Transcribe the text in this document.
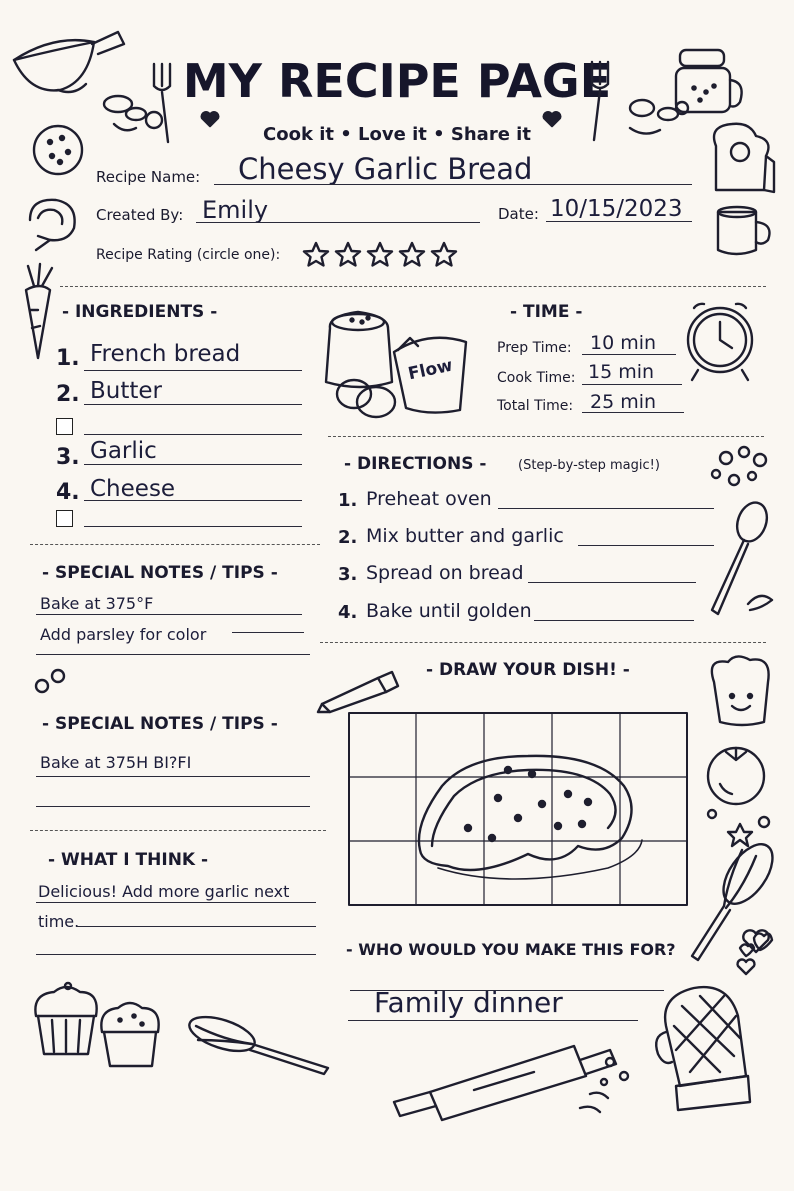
MY RECIPE PAGE
Cook it • Love it • Share it
Recipe Name: Cheesy Garlic Bread
Created By: Emily	Date: 10/15/2023
Recipe Rating (circle one):
- INGREDIENTS -
1. French bread
2. Butter
3. Garlic
4. Cheese
Flow
- TIME -
Prep Time: 10 min
Cook Time: 15 min
Total Time: 25 min
- DIRECTIONS - (Step-by-step magic!)
1. Preheat oven
2. Mix butter and garlic
3. Spread on bread
4. Bake until golden
- SPECIAL NOTES / TIPS -
Bake at 375°F
Add parsley for color
- DRAW YOUR DISH! -
- SPECIAL NOTES / TIPS -
Bake at 375H BI?FI
- WHAT I THINK -
Delicious! Add more garlic next
time.
- WHO WOULD YOU MAKE THIS FOR?
Family dinner
